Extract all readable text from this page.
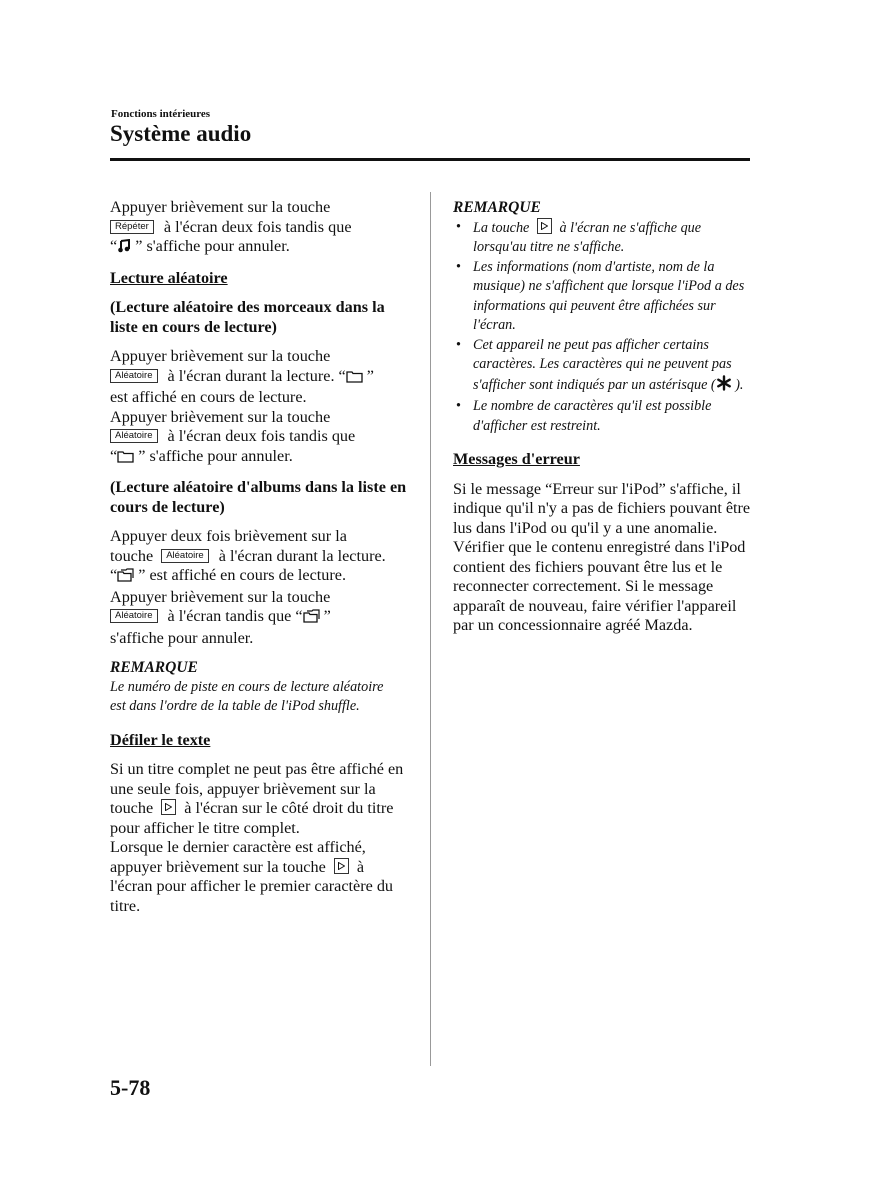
Fonctions intérieures
Système audio

Appuyer brièvement sur la touche
Répéter à l'écran deux fois tandis que
“ ” s'affiche pour annuler.

Lecture aléatoire

(Lecture aléatoire des morceaux dans la liste en cours de lecture)

Appuyer brièvement sur la touche
Aléatoire à l'écran durant la lecture. “ ”
est affiché en cours de lecture.
Appuyer brièvement sur la touche
Aléatoire à l'écran deux fois tandis que
“ ” s'affiche pour annuler.

(Lecture aléatoire d'albums dans la liste en cours de lecture)

Appuyer deux fois brièvement sur la
touche Aléatoire à l'écran durant la lecture.
“ ” est affiché en cours de lecture.
Appuyer brièvement sur la touche
Aléatoire à l'écran tandis que “ ”
s'affiche pour annuler.

REMARQUE

Le numéro de piste en cours de lecture aléatoire est dans l'ordre de la table de l'iPod shuffle.

Défiler le texte

Si un titre complet ne peut pas être affiché en une seule fois, appuyer brièvement sur la touche à l'écran sur le côté droit du titre pour afficher le titre complet.
Lorsque le dernier caractère est affiché, appuyer brièvement sur la touche à l'écran pour afficher le premier caractère du titre.

REMARQUE

• La touche à l'écran ne s'affiche que lorsqu'au titre ne s'affiche.
• Les informations (nom d'artiste, nom de la musique) ne s'affichent que lorsque l'iPod a des informations qui peuvent être affichées sur l'écran.
• Cet appareil ne peut pas afficher certains caractères. Les caractères qui ne peuvent pas s'afficher sont indiqués par un astérisque ( ).
• Le nombre de caractères qu'il est possible d'afficher est restreint.

Messages d'erreur

Si le message “Erreur sur l'iPod” s'affiche, il indique qu'il n'y a pas de fichiers pouvant être lus dans l'iPod ou qu'il y a une anomalie. Vérifier que le contenu enregistré dans l'iPod contient des fichiers pouvant être lus et le reconnecter correctement. Si le message apparaît de nouveau, faire vérifier l'appareil par un concessionnaire agréé Mazda.

5-78
